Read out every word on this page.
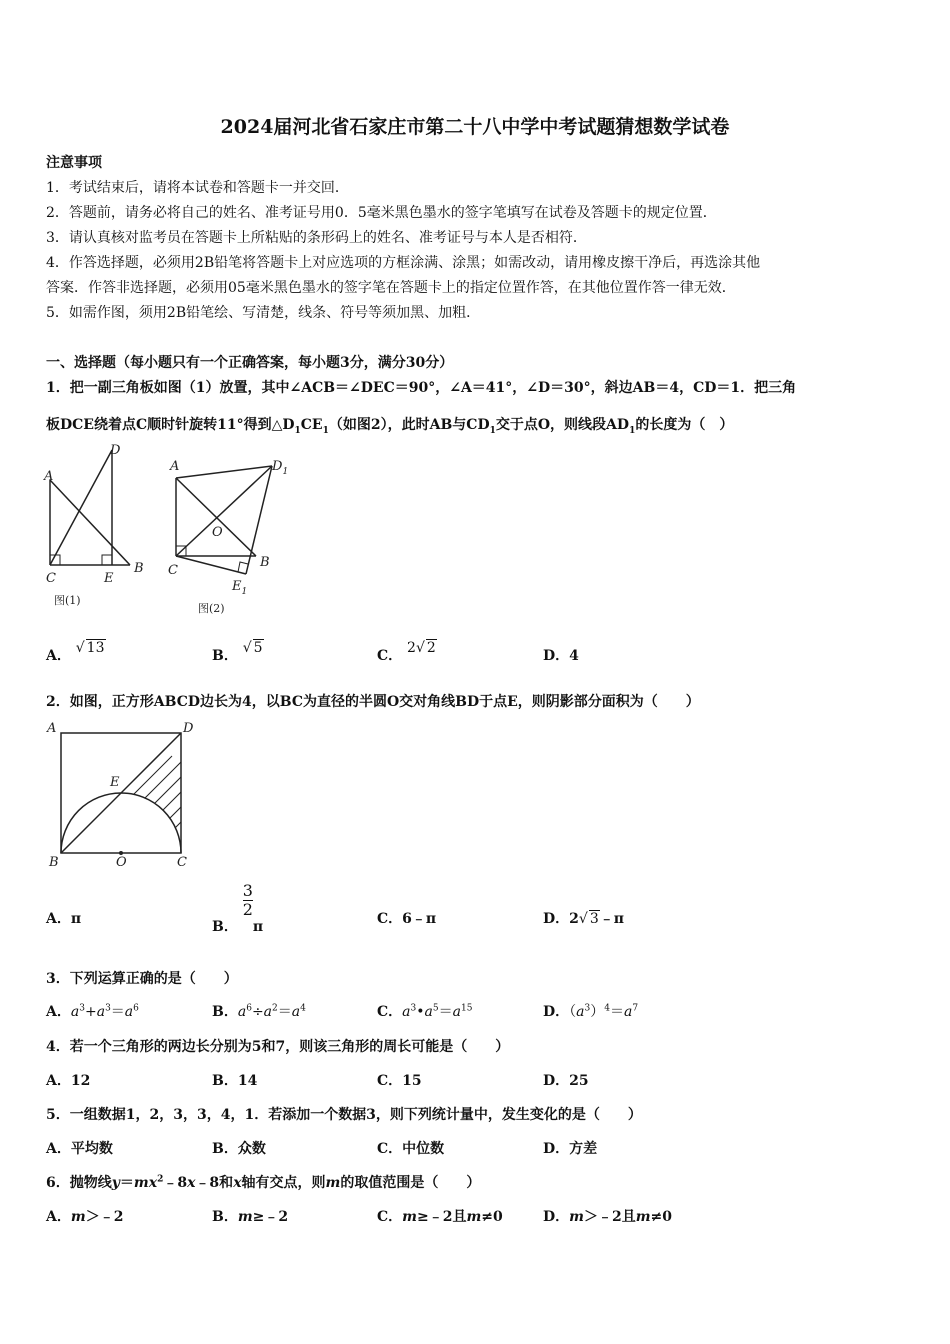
2024届河北省石家庄市第二十八中学中考试题猜想数学试卷
注意事项
1．考试结束后，请将本试卷和答题卡一并交回．
2．答题前，请务必将自己的姓名、准考证号用0．5毫米黑色墨水的签字笔填写在试卷及答题卡的规定位置．
3．请认真核对监考员在答题卡上所粘贴的条形码上的姓名、准考证号与本人是否相符．
4．作答选择题，必须用2B铅笔将答题卡上对应选项的方框涂满、涂黑；如需改动，请用橡皮擦干净后，再选涂其他
答案．作答非选择题，必须用05毫米黑色墨水的签字笔在答题卡上的指定位置作答，在其他位置作答一律无效．
5．如需作图，须用2B铅笔绘、写清楚，线条、符号等须加黑、加粗．
一、选择题（每小题只有一个正确答案，每小题3分，满分30分）
1．把一副三角板如图（1）放置，其中∠ACB＝∠DEC＝90°，∠A＝41°，∠D＝30°，斜边AB＝4，CD＝1．把三角
板DCE绕着点C顺时针旋转11°得到$\triangle D_1CE_1$（如图2），此时AB与$CD_1$交于点O，则线段$AD_1$的长度为（　）
A
D
C	E
B
图(1)
A	$D_1$
O
C
B
$E_1$
图(2)
A． √ 13	B． √ 5	C． 2√ 2	D．4
2．如图，正方形ABCD边长为4，以BC为直径的半圆O交对角线BD于点E，则阴影部分面积为（　　）
A	D
E
B	O	C
A．π	B．
$\frac{3}{2}$
π	C．6﹣π	D．2√ 3﹣π
3．下列运算正确的是（　　）
A．$a^3+a^3=a^6$	B．$a^6\div a^2=a^4$	C．$a^3•a^5=a^{15}$	D．$(a^3)^4=a^7$
4．若一个三角形的两边长分别为5和7，则该三角形的周长可能是（　　）
A．12	B．14	C．15	D．25
5．一组数据1，2，3，3，4，1．若添加一个数据3，则下列统计量中，发生变化的是（　　）
A．平均数	B．众数	C．中位数	D．方差
6．抛物线$y=mx^2﹣8x﹣8$和x轴有交点，则m的取值范围是（　　）
A．m＞﹣2	B．m≥﹣2	C．m≥﹣2且m≠0	D．m＞﹣2且m≠0
